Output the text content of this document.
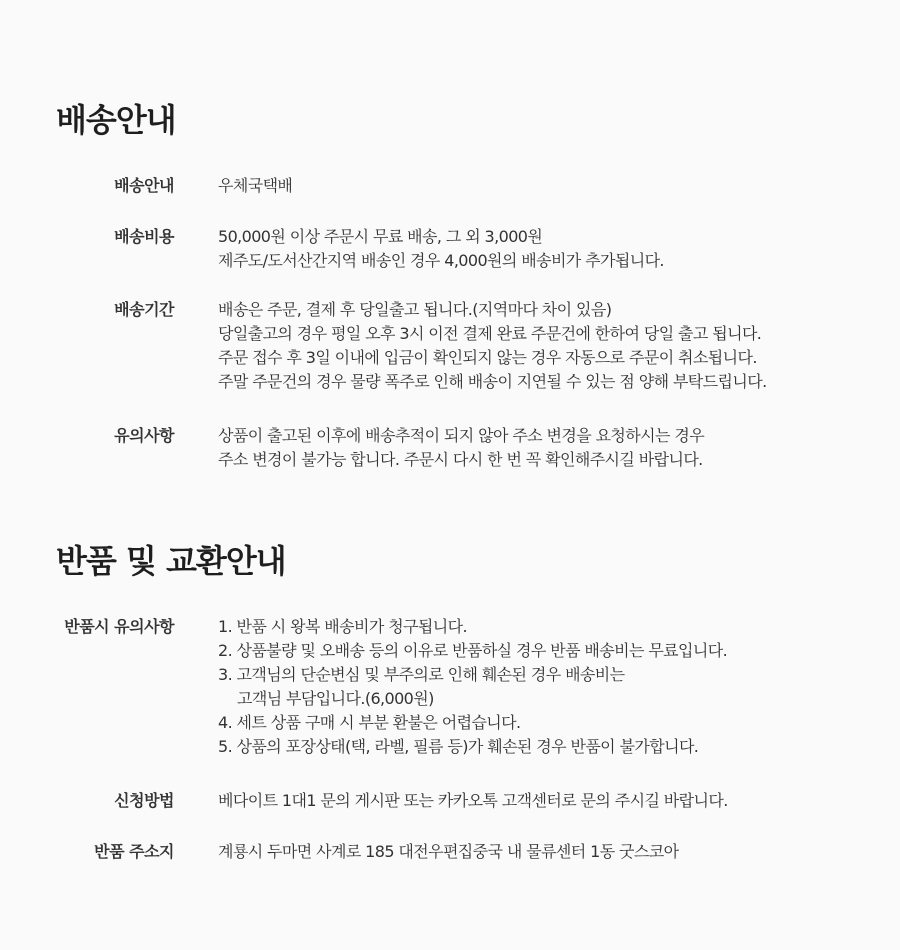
배송안내
배송안내	우체국택배
배송비용	50,000원 이상 주문시 무료 배송, 그 외 3,000원
제주도/도서산간지역 배송인 경우 4,000원의 배송비가 추가됩니다.
배송기간	배송은 주문, 결제 후 당일출고 됩니다.(지역마다 차이 있음)
당일출고의 경우 평일 오후 3시 이전 결제 완료 주문건에 한하여 당일 출고 됩니다.
주문 접수 후 3일 이내에 입금이 확인되지 않는 경우 자동으로 주문이 취소됩니다.
주말 주문건의 경우 물량 폭주로 인해 배송이 지연될 수 있는 점 양해 부탁드립니다.
유의사항	상품이 출고된 이후에 배송추적이 되지 않아 주소 변경을 요청하시는 경우
주소 변경이 불가능 합니다. 주문시 다시 한 번 꼭 확인해주시길 바랍니다.
반품 및 교환안내
반품시 유의사항	1. 반품 시 왕복 배송비가 청구됩니다.
2. 상품불량 및 오배송 등의 이유로 반품하실 경우 반품 배송비는 무료입니다.
3. 고객님의 단순변심 및 부주의로 인해 훼손된 경우 배송비는
고객님 부담입니다.(6,000원)
4. 세트 상품 구매 시 부분 환불은 어렵습니다.
5. 상품의 포장상태(택, 라벨, 필름 등)가 훼손된 경우 반품이 불가합니다.
신청방법	베다이트 1대1 문의 게시판 또는 카카오톡 고객센터로 문의 주시길 바랍니다.
반품 주소지	계룡시 두마면 사계로 185 대전우편집중국 내 물류센터 1동 굿스코아
